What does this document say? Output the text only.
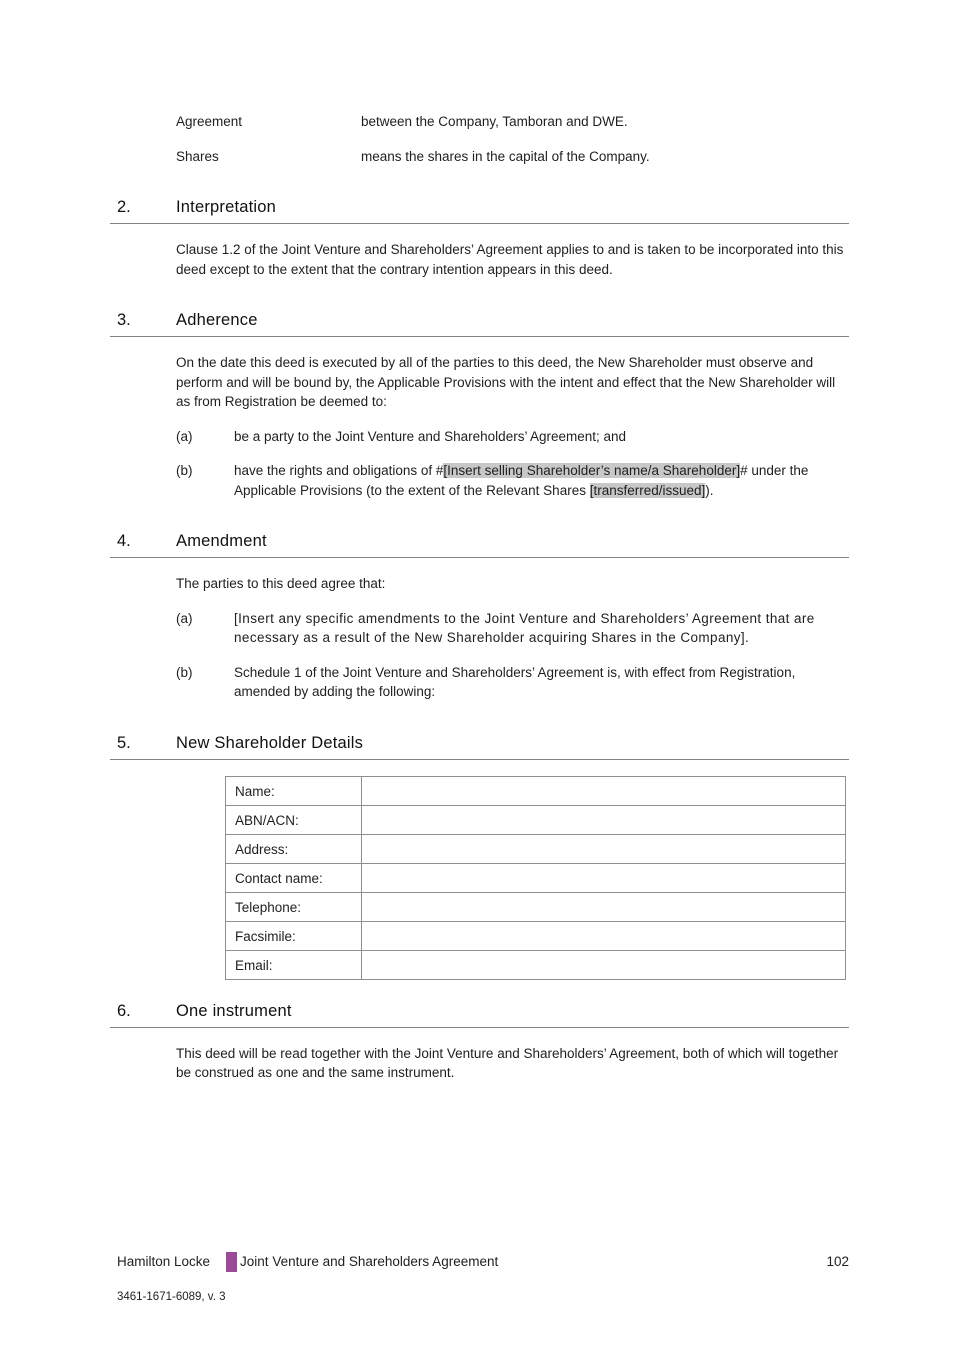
Agreement	between the Company, Tamboran and DWE.
Shares	means the shares in the capital of the Company.
2.	Interpretation
Clause 1.2 of the Joint Venture and Shareholders’ Agreement applies to and is taken to be incorporated into this deed except to the extent that the contrary intention appears in this deed.
3.	Adherence
On the date this deed is executed by all of the parties to this deed, the New Shareholder must observe and perform and will be bound by, the Applicable Provisions with the intent and effect that the New Shareholder will as from Registration be deemed to:
(a)	be a party to the Joint Venture and Shareholders’ Agreement; and
(b)	have the rights and obligations of #[Insert selling Shareholder’s name/a Shareholder]# under the Applicable Provisions (to the extent of the Relevant Shares [transferred/issued]).
4.	Amendment
The parties to this deed agree that:
(a)	[Insert any specific amendments to the Joint Venture and Shareholders’ Agreement that are necessary as a result of the New Shareholder acquiring Shares in the Company].
(b)	Schedule 1 of the Joint Venture and Shareholders’ Agreement is, with effect from Registration, amended by adding the following:
5.	New Shareholder Details
Name:	
ABN/ACN:	
Address:	
Contact name:	
Telephone:	
Facsimile:	
Email:	
6.	One instrument
This deed will be read together with the Joint Venture and Shareholders’ Agreement, both of which will together be construed as one and the same instrument.
Hamilton Locke Joint Venture and Shareholders Agreement	102
3461-1671-6089, v. 3
